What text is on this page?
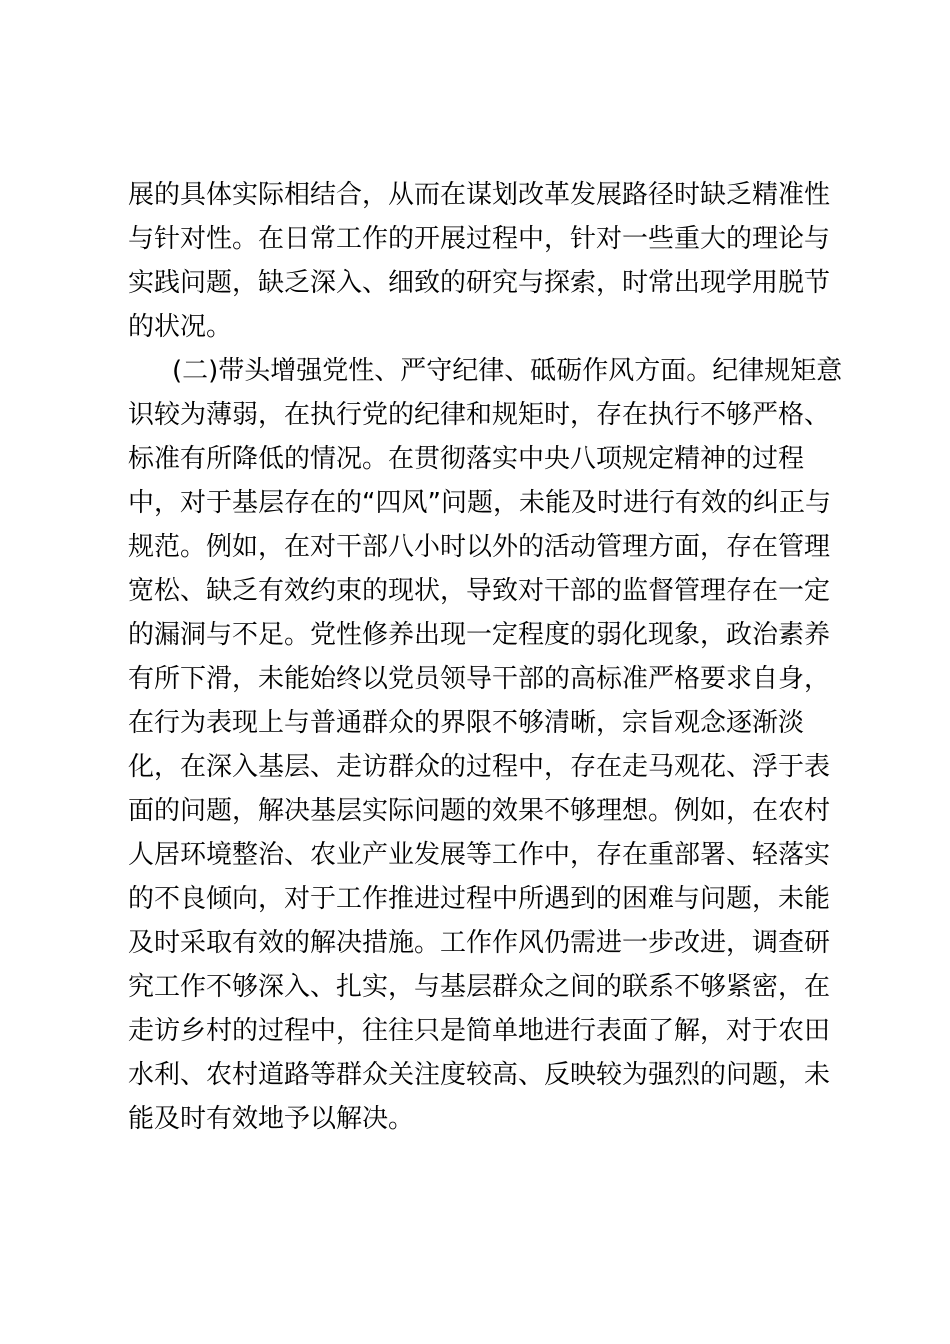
展的具体实际相结合，从而在谋划改革发展路径时缺乏精准性
与针对性。在日常工作的开展过程中，针对一些重大的理论与
实践问题，缺乏深入、细致的研究与探索，时常出现学用脱节
的状况。
(二)带头增强党性、严守纪律、砥砺作风方面。纪律规矩意
识较为薄弱，在执行党的纪律和规矩时，存在执行不够严格、
标准有所降低的情况。在贯彻落实中央八项规定精神的过程
中，对于基层存在的“四风”问题，未能及时进行有效的纠正与
规范。例如，在对干部八小时以外的活动管理方面，存在管理
宽松、缺乏有效约束的现状，导致对干部的监督管理存在一定
的漏洞与不足。党性修养出现一定程度的弱化现象，政治素养
有所下滑，未能始终以党员领导干部的高标准严格要求自身，
在行为表现上与普通群众的界限不够清晰，宗旨观念逐渐淡
化，在深入基层、走访群众的过程中，存在走马观花、浮于表
面的问题，解决基层实际问题的效果不够理想。例如，在农村
人居环境整治、农业产业发展等工作中，存在重部署、轻落实
的不良倾向，对于工作推进过程中所遇到的困难与问题，未能
及时采取有效的解决措施。工作作风仍需进一步改进，调查研
究工作不够深入、扎实，与基层群众之间的联系不够紧密，在
走访乡村的过程中，往往只是简单地进行表面了解，对于农田
水利、农村道路等群众关注度较高、反映较为强烈的问题，未
能及时有效地予以解决。
